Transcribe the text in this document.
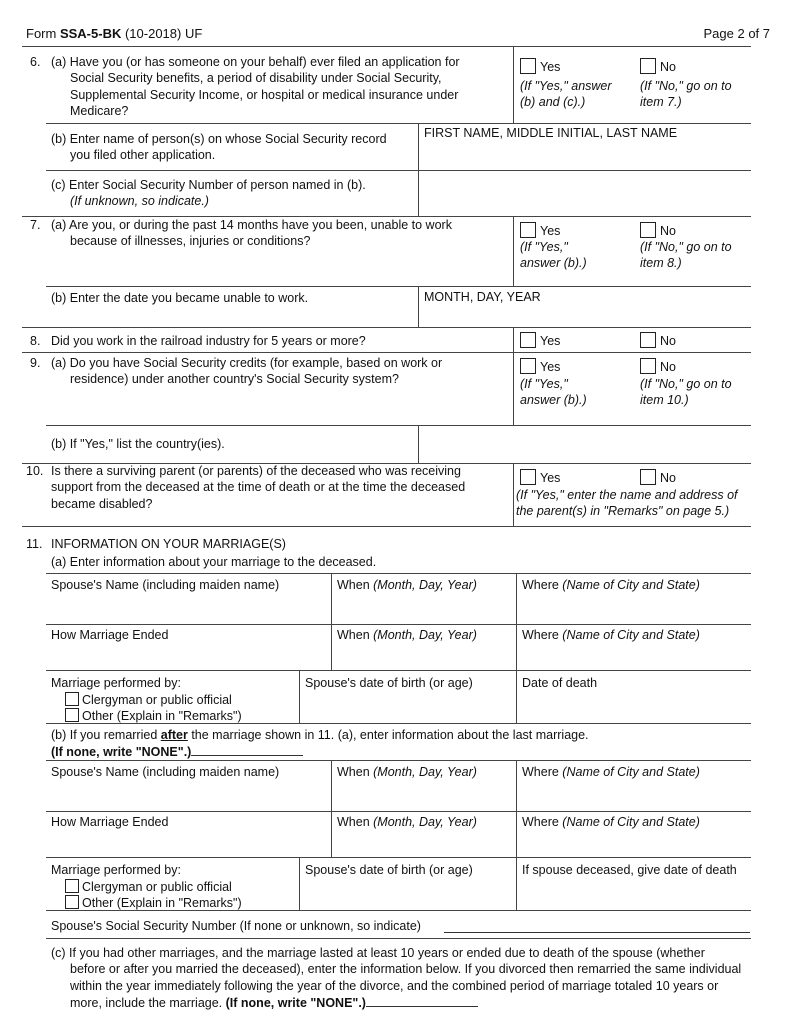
Form SSA-5-BK (10-2018) UF	Page 2 of 7
6. (a) Have you (or has someone on your behalf) ever filed an application for
Social Security benefits, a period of disability under Social Security, Supplemental Security Income, or hospital or medical insurance under Medicare?
Yes	No
(If "Yes," answer (b) and (c).)
(If "No," go on to item 7.)
(b) Enter name of person(s) on whose Social Security record
you filed other application.
FIRST NAME, MIDDLE INITIAL, LAST NAME
(c) Enter Social Security Number of person named in (b).
(If unknown, so indicate.)
7. (a) Are you, or during the past 14 months have you been, unable to work
because of illnesses, injuries or conditions?
Yes	No
(If "Yes," answer (b).)
(If "No," go on to item 8.)
(b) Enter the date you became unable to work.	MONTH, DAY, YEAR
8. Did you work in the railroad industry for 5 years or more?	Yes	No
9. (a) Do you have Social Security credits (for example, based on work or
residence) under another country's Social Security system?
Yes	No
(If "Yes," answer (b).)
(If "No," go on to item 10.)
(b) If "Yes," list the country(ies).
10. Is there a surviving parent (or parents) of the deceased who was receiving support from the deceased at the time of death or at the time the deceased became disabled?
Yes	No
(If "Yes," enter the name and address of the parent(s) in "Remarks" on page 5.)
11. INFORMATION ON YOUR MARRIAGE(S)
(a) Enter information about your marriage to the deceased.
Spouse's Name (including maiden name)	When (Month, Day, Year)	Where (Name of City and State)
How Marriage Ended	When (Month, Day, Year)	Where (Name of City and State)
Marriage performed by:
Clergyman or public official
Other (Explain in "Remarks")
Spouse's date of birth (or age)	Date of death
(b) If you remarried after the marriage shown in 11. (a), enter information about the last marriage.
(If none, write "NONE".)
Spouse's Name (including maiden name)	When (Month, Day, Year)	Where (Name of City and State)
How Marriage Ended	When (Month, Day, Year)	Where (Name of City and State)
Marriage performed by:
Clergyman or public official
Other (Explain in "Remarks")
Spouse's date of birth (or age)	If spouse deceased, give date of death
Spouse's Social Security Number (If none or unknown, so indicate)
(c) If you had other marriages, and the marriage lasted at least 10 years or ended due to death of the spouse (whether
before or after you married the deceased), enter the information below. If you divorced then remarried the same individual within the year immediately following the year of the divorce, and the combined period of marriage totaled 10 years or more, include the marriage. (If none, write "NONE".)
